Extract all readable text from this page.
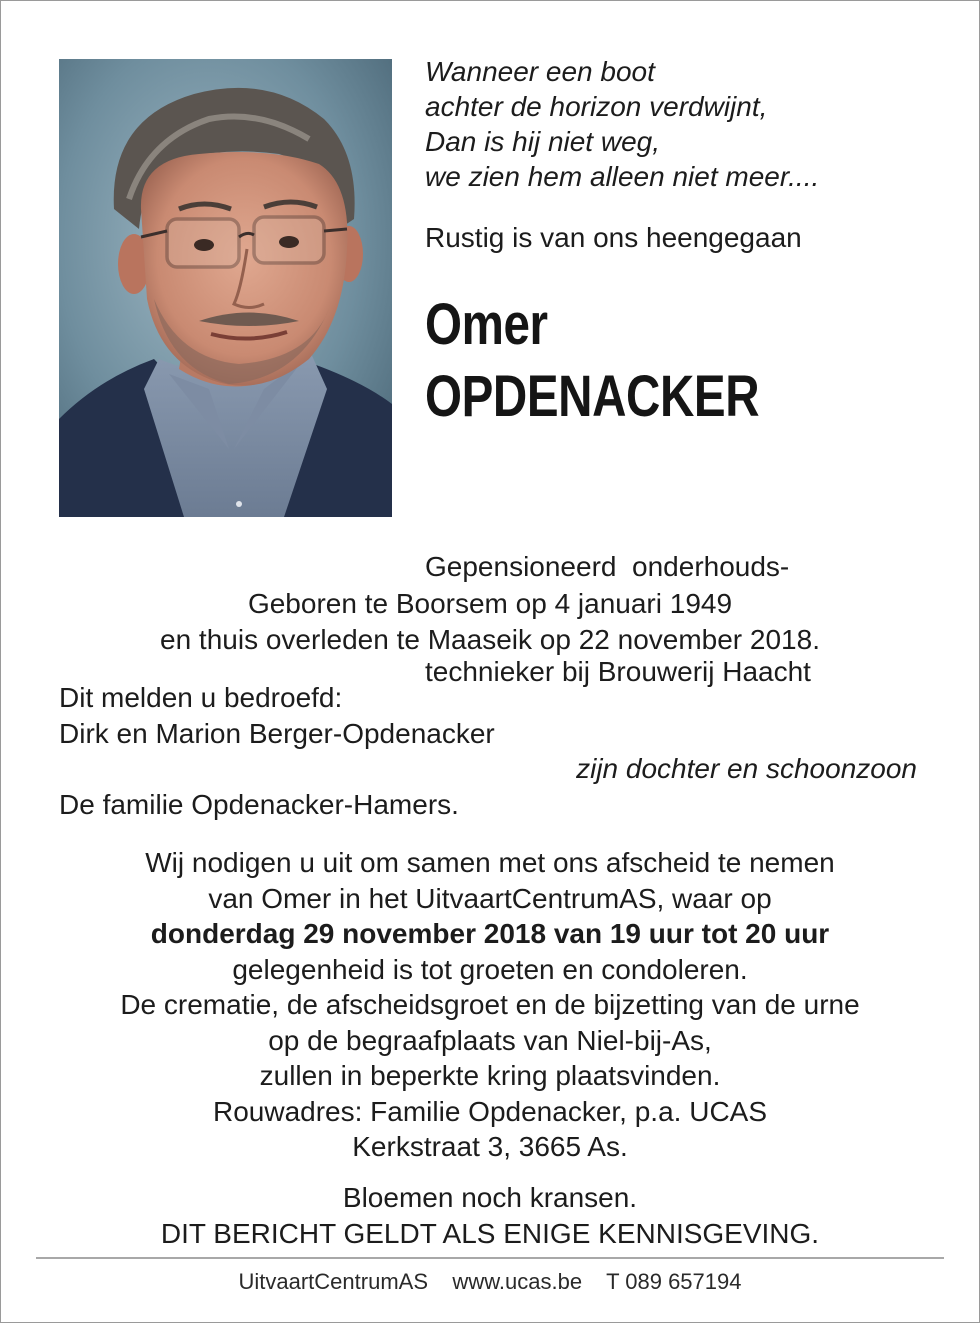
Wanneer een boot
achter de horizon verdwijnt,
Dan is hij niet weg,
we zien hem alleen niet meer....
Rustig is van ons heengegaan
Omer
OPDENACKER

Gepensioneerd  onderhouds-

technieker bij Brouwerij Haacht

Geboren te Boorsem op 4 januari 1949
en thuis overleden te Maaseik op 22 november 2018.
Dit melden u bedroefd:
Dirk en Marion Berger-Opdenacker
zijn dochter en schoonzoon
De familie Opdenacker-Hamers.
Wij nodigen u uit om samen met ons afscheid te nemen
van Omer in het UitvaartCentrumAS, waar op
donderdag 29 november 2018 van 19 uur tot 20 uur
gelegenheid is tot groeten en condoleren.
De crematie, de afscheidsgroet en de bijzetting van de urne
op de begraafplaats van Niel-bij-As,
zullen in beperkte kring plaatsvinden.
Rouwadres: Familie Opdenacker, p.a. UCAS
Kerkstraat 3, 3665 As.
Bloemen noch kransen.
DIT BERICHT GELDT ALS ENIGE KENNISGEVING.
UitvaartCentrumAS    www.ucas.be    T 089 657194
